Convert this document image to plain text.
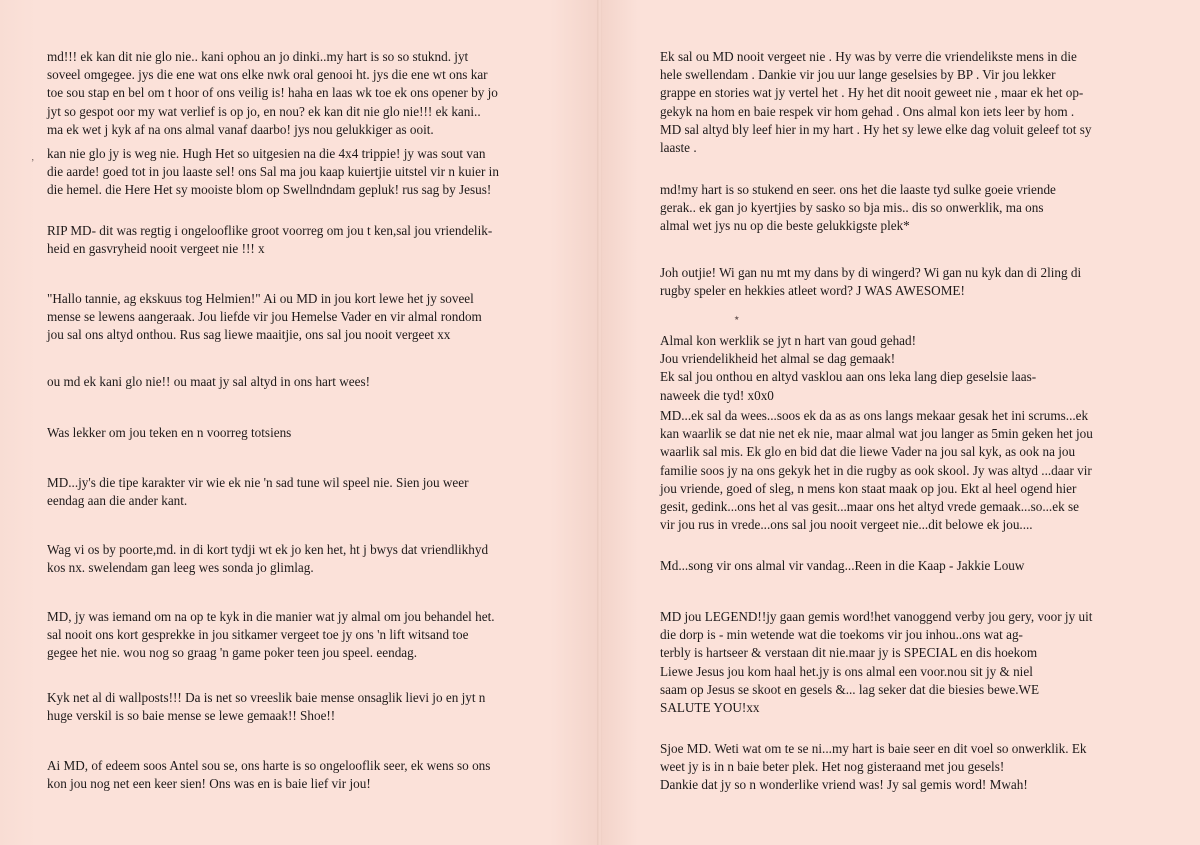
’

md!!! ek kan dit nie glo nie.. kani ophou an jo dinki..my hart is so so stuknd. jyt
soveel omgegee. jys die ene wat ons elke nwk oral genooi ht. jys die ene wt ons kar
toe sou stap en bel om t hoor of ons veilig is! haha en laas wk toe ek ons opener by jo
jyt so gespot oor my wat verlief is op jo, en nou? ek kan dit nie glo nie!!! ek kani..
ma ek wet j kyk af na ons almal vanaf daarbo! jys nou gelukkiger as ooit.

kan nie glo jy is weg nie. Hugh Het so uitgesien na die 4x4 trippie! jy was sout van
die aarde! goed tot in jou laaste sel! ons Sal ma jou kaap kuiertjie uitstel vir n kuier in
die hemel. die Here Het sy mooiste blom op Swellndndam gepluk! rus sag by Jesus!

RIP MD- dit was regtig i ongelooflike groot voorreg om jou t ken,sal jou vriendelik-
heid en gasvryheid nooit vergeet nie !!! x

"Hallo tannie, ag ekskuus tog Helmien!" Ai ou MD in jou kort lewe het jy soveel
mense se lewens aangeraak. Jou liefde vir jou Hemelse Vader en vir almal rondom
jou sal ons altyd onthou. Rus sag liewe maaitjie, ons sal jou nooit vergeet xx

ou md ek kani glo nie!! ou maat jy sal altyd in ons hart wees!

Was lekker om jou teken en n voorreg totsiens

MD...jy's die tipe karakter vir wie ek nie 'n sad tune wil speel nie. Sien jou weer
eendag aan die ander kant.

Wag vi os by poorte,md. in di kort tydji wt ek jo ken het, ht j bwys dat vriendlikhyd
kos nx. swelendam gan leeg wes sonda jo glimlag.

MD, jy was iemand om na op te kyk in die manier wat jy almal om jou behandel het.
sal nooit ons kort gesprekke in jou sitkamer vergeet toe jy ons 'n lift witsand toe
gegee het nie. wou nog so graag 'n game poker teen jou speel. eendag.

Kyk net al di wallposts!!! Da is net so vreeslik baie mense onsaglik lievi jo en jyt n
huge verskil is so baie mense se lewe gemaak!! Shoe!!

Ai MD, of edeem soos Antel sou se, ons harte is so ongelooflik seer, ek wens so ons
kon jou nog net een keer sien! Ons was en is baie lief vir jou!

Ek sal ou MD nooit vergeet nie . Hy was by verre die vriendelikste mens in die
hele swellendam . Dankie vir jou uur lange geselsies by BP . Vir jou lekker
grappe en stories wat jy vertel het . Hy het dit nooit geweet nie , maar ek het op-
gekyk na hom en baie respek vir hom gehad . Ons almal kon iets leer by hom .
MD sal altyd bly leef hier in my hart . Hy het sy lewe elke dag voluit geleef tot sy
laaste .

md!my hart is so stukend en seer. ons het die laaste tyd sulke goeie vriende
gerak.. ek gan jo kyertjies by sasko so bja mis.. dis so onwerklik, ma ons
almal wet jys nu op die beste gelukkigste plek*

Joh outjie! Wi gan nu mt my dans by di wingerd? Wi gan nu kyk dan di 2ling di
rugby speler en hekkies atleet word? J WAS AWESOME!

٭

Almal kon werklik se jyt n hart van goud gehad!
Jou vriendelikheid het almal se dag gemaak!
Ek sal jou onthou en altyd vasklou aan ons leka lang diep geselsie laas-
naweek die tyd! x0x0

MD...ek sal da wees...soos ek da as as ons langs mekaar gesak het ini scrums...ek
kan waarlik se dat nie net ek nie, maar almal wat jou langer as 5min geken het jou
waarlik sal mis. Ek glo en bid dat die liewe Vader na jou sal kyk, as ook na jou
familie soos jy na ons gekyk het in die rugby as ook skool. Jy was altyd ...daar vir
jou vriende, goed of sleg, n mens kon staat maak op jou. Ekt al heel ogend hier
gesit, gedink...ons het al vas gesit...maar ons het altyd vrede gemaak...so...ek se
vir jou rus in vrede...ons sal jou nooit vergeet nie...dit belowe ek jou....

Md...song vir ons almal vir vandag...Reen in die Kaap - Jakkie Louw

MD jou LEGEND!!jy gaan gemis word!het vanoggend verby jou gery, voor jy uit
die dorp is - min wetende wat die toekoms vir jou inhou..ons wat ag-
terbly is hartseer & verstaan dit nie.maar jy is SPECIAL en dis hoekom
Liewe Jesus jou kom haal het.jy is ons almal een voor.nou sit jy & niel
saam op Jesus se skoot en gesels &... lag seker dat die biesies bewe.WE
SALUTE YOU!xx

Sjoe MD. Weti wat om te se ni...my hart is baie seer en dit voel so onwerklik. Ek
weet jy is in n baie beter plek. Het nog gisteraand met jou gesels!
Dankie dat jy so n wonderlike vriend was! Jy sal gemis word! Mwah!
